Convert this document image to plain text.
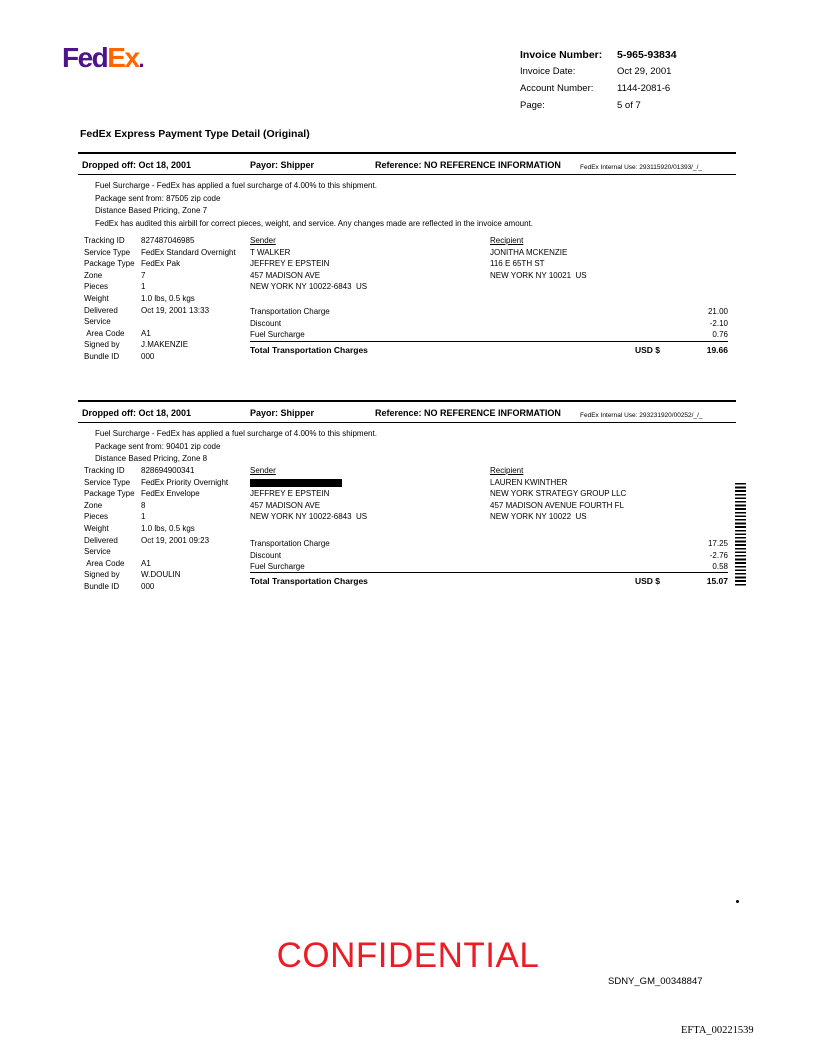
FedEx.	Invoice Number:	5-965-93834
Invoice Date:	Oct 29, 2001
Account Number:	1144-2081-6
Page:	5 of 7
FedEx Express Payment Type Detail (Original)
Dropped off: Oct 18, 2001	Payor: Shipper	Reference: NO REFERENCE INFORMATION	FedEx Internal Use: 293115920/01393/_/_
Fuel Surcharge - FedEx has applied a fuel surcharge of 4.00% to this shipment.
Package sent from: 87505 zip code
Distance Based Pricing, Zone 7
FedEx has audited this airbill for correct pieces, weight, and service. Any changes made are reflected in the invoice amount.
Tracking ID	827487046985
Service Type	FedEx Standard Overnight
Package Type FedEx Pak
Zone	7
Pieces	1
Weight	1.0 lbs, 0.5 kgs
Delivered	Oct 19, 2001 13:33
Service
Area Code	A1
Signed by	J.MAKENZIE
Bundle ID	000
Sender
T WALKER
JEFFREY E EPSTEIN
457 MADISON AVE
NEW YORK NY 10022-6843  US
Recipient
JONITHA MCKENZIE
116 E 65TH ST
NEW YORK NY 10021  US
Transportation Charge	21.00
Discount	-2.10
Fuel Surcharge	0.76
Total Transportation Charges	USD $	19.66
Dropped off: Oct 18, 2001	Payor: Shipper	Reference: NO REFERENCE INFORMATION	FedEx Internal Use: 293231920/00252/_/_
Fuel Surcharge - FedEx has applied a fuel surcharge of 4.00% to this shipment.
Package sent from: 90401 zip code
Distance Based Pricing, Zone 8
Tracking ID	828694900341
Service Type	FedEx Priority Overnight
Package Type FedEx Envelope
Zone	8
Pieces	1
Weight	1.0 lbs, 0.5 kgs
Delivered	Oct 19, 2001 09:23
Service
Area Code	A1
Signed by	W.DOULIN
Bundle ID	000
Sender
JEFFREY E EPSTEIN
457 MADISON AVE
NEW YORK NY 10022-6843  US
Recipient
LAUREN KWINTHER
NEW YORK STRATEGY GROUP LLC
457 MADISON AVENUE FOURTH FL
NEW YORK NY 10022  US
Transportation Charge	17.25
Discount	-2.76
Fuel Surcharge	0.58
Total Transportation Charges	USD $	15.07
CONFIDENTIAL
SDNY_GM_00348847
EFTA_00221539
